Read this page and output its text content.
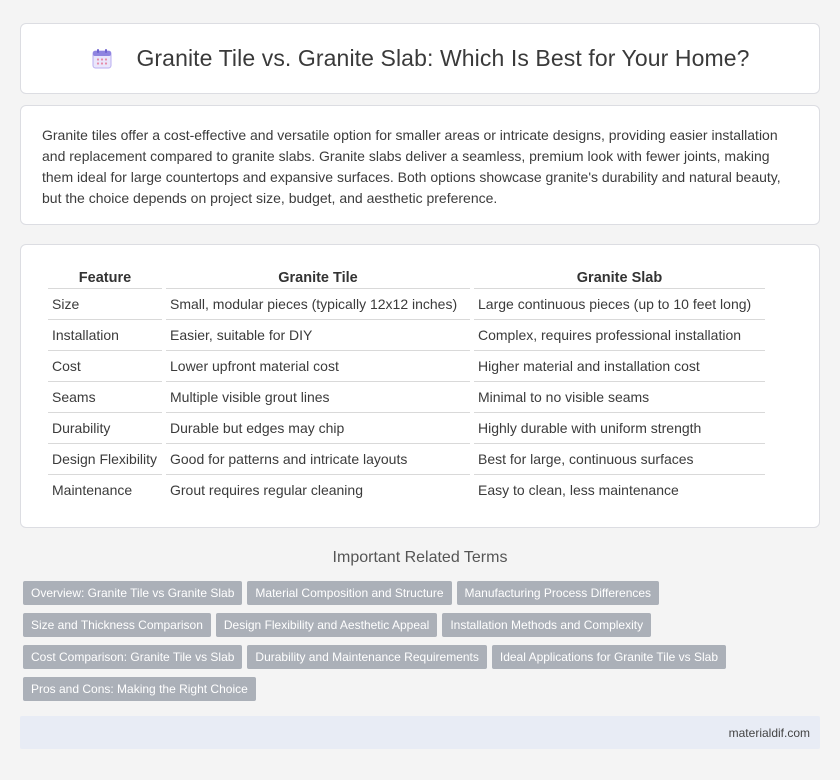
Granite Tile vs. Granite Slab: Which Is Best for Your Home?

Granite tiles offer a cost-effective and versatile option for smaller areas or intricate designs, providing easier installation and replacement compared to granite slabs. Granite slabs deliver a seamless, premium look with fewer joints, making them ideal for large countertops and expansive surfaces. Both options showcase granite's durability and natural beauty, but the choice depends on project size, budget, and aesthetic preference.

Feature	Granite Tile	Granite Slab
Size	Small, modular pieces (typically 12x12 inches)	Large continuous pieces (up to 10 feet long)
Installation	Easier, suitable for DIY	Complex, requires professional installation
Cost	Lower upfront material cost	Higher material and installation cost
Seams	Multiple visible grout lines	Minimal to no visible seams
Durability	Durable but edges may chip	Highly durable with uniform strength
Design Flexibility	Good for patterns and intricate layouts	Best for large, continuous surfaces
Maintenance	Grout requires regular cleaning	Easy to clean, less maintenance
Important Related Terms
Overview: Granite Tile vs Granite Slab	Material Composition and Structure	Manufacturing Process Differences
Size and Thickness Comparison	Design Flexibility and Aesthetic Appeal	Installation Methods and Complexity
Cost Comparison: Granite Tile vs Slab	Durability and Maintenance Requirements	Ideal Applications for Granite Tile vs Slab
Pros and Cons: Making the Right Choice
materialdif.com
